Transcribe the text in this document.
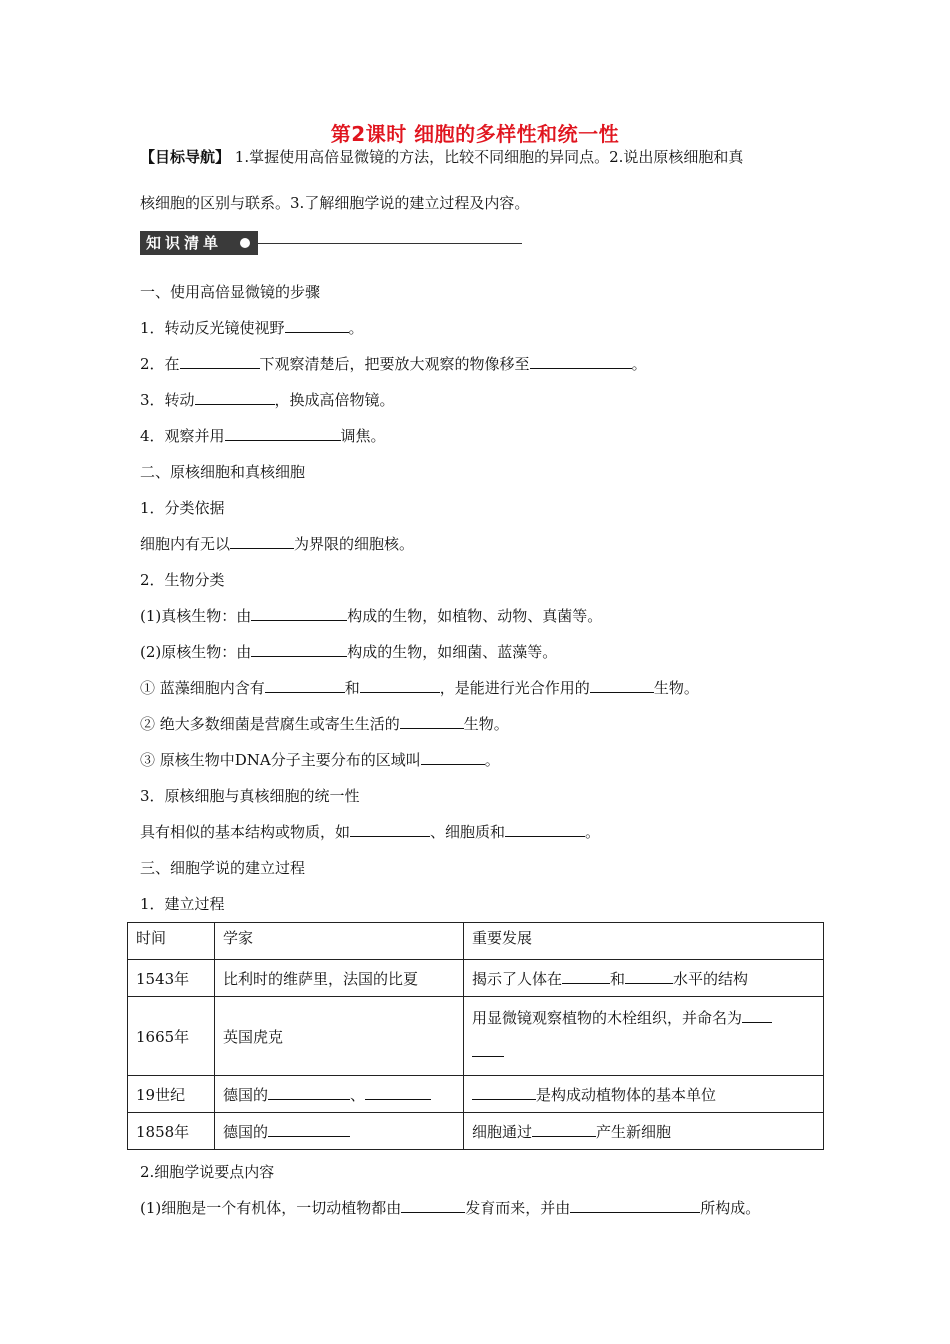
第2课时 细胞的多样性和统一性
【目标导航】 1.掌握使用高倍显微镜的方法，比较不同细胞的异同点。2.说出原核细胞和真
核细胞的区别与联系。3.了解细胞学说的建立过程及内容。
知识清单
一、使用高倍显微镜的步骤
1．转动反光镜使视野	。
2．在	下观察清楚后，把要放大观察的物像移至	。
3．转动	，换成高倍物镜。
4．观察并用	调焦。
二、原核细胞和真核细胞
1．分类依据
细胞内有无以	为界限的细胞核。
2．生物分类
(1)真核生物：由	构成的生物，如植物、动物、真菌等。
(2)原核生物：由	构成的生物，如细菌、蓝藻等。
① 蓝藻细胞内含有	和	，是能进行光合作用的	生物。
② 绝大多数细菌是营腐生或寄生生活的	生物。
③ 原核生物中DNA分子主要分布的区域叫	。
3．原核细胞与真核细胞的统一性
具有相似的基本结构或物质，如	、细胞质和	。
三、细胞学说的建立过程
1．建立过程
时间	学家	重要发展
1543年	比利时的维萨里，法国的比夏	揭示了人体在 和 水平的结构
1665年	英国虎克	用显微镜观察植物的木栓组织，并命名为

19世纪	德国的 、	是构成动植物体的基本单位
1858年	德国的	细胞通过 产生新细胞
2.细胞学说要点内容
(1)细胞是一个有机体，一切动植物都由	发育而来，并由	所构成。
